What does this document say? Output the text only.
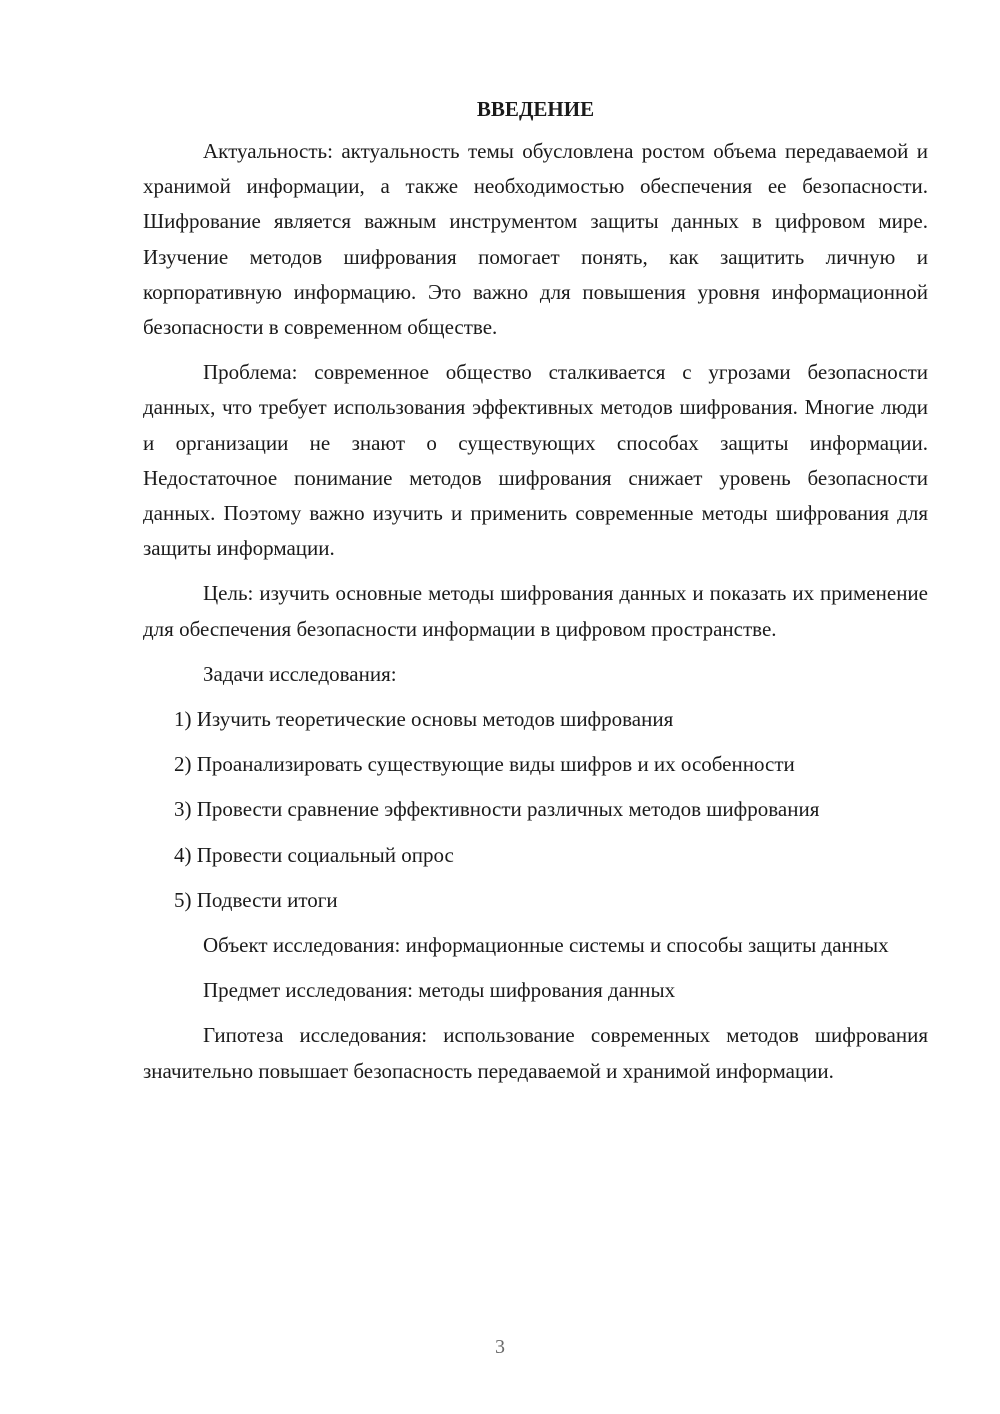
ВВЕДЕНИЕ

Актуальность: актуальность темы обусловлена ростом объема передаваемой и хранимой информации, а также необходимостью обеспечения ее безопасности. Шифрование является важным инструментом защиты данных в цифровом мире. Изучение методов шифрования помогает понять, как защитить личную и корпоративную информацию. Это важно для повышения уровня информационной безопасности в современном обществе.

Проблема: современное общество сталкивается с угрозами безопасности данных, что требует использования эффективных методов шифрования. Многие люди и организации не знают о существующих способах защиты информации. Недостаточное понимание методов шифрования снижает уровень безопасности данных. Поэтому важно изучить и применить современные методы шифрования для защиты информации.

Цель: изучить основные методы шифрования данных и показать их применение для обеспечения безопасности информации в цифровом пространстве.

Задачи исследования:

1) Изучить теоретические основы методов шифрования

2) Проанализировать существующие виды шифров и их особенности

3) Провести сравнение эффективности различных методов шифрования

4) Провести социальный опрос

5) Подвести итоги

Объект исследования: информационные системы и способы защиты данных

Предмет исследования: методы шифрования данных

Гипотеза исследования: использование современных методов шифрования значительно повышает безопасность передаваемой и хранимой информации.

3
